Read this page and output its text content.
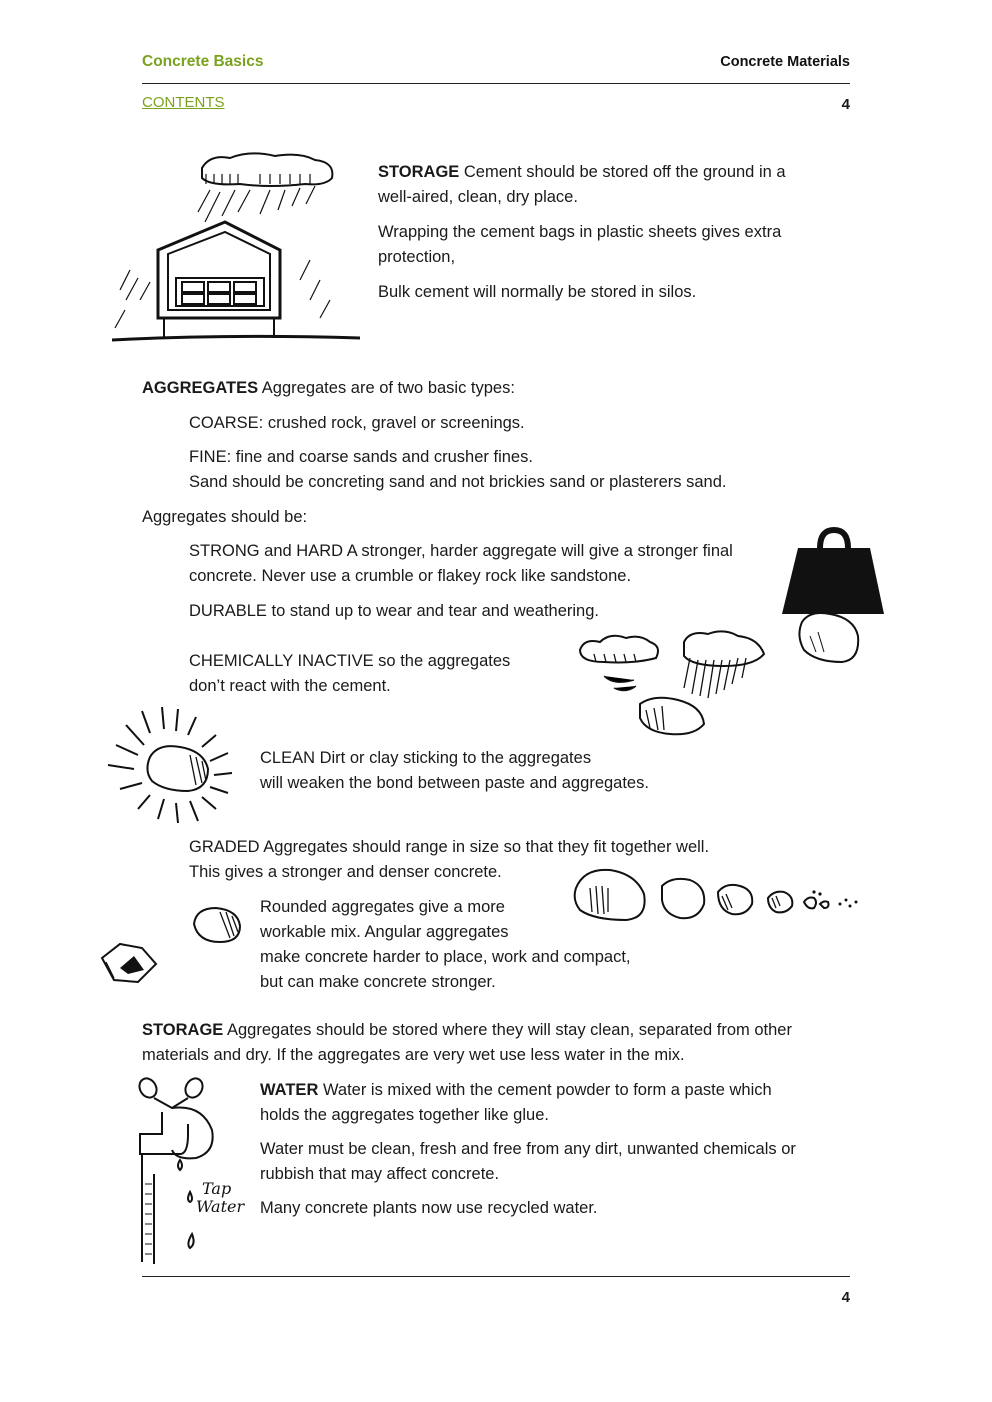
Concrete Basics	Concrete Materials
CONTENTS	4

STORAGE Cement should be stored off the ground in a
well-aired, clean, dry place.

Wrapping the cement bags in plastic sheets gives extra
protection,

Bulk cement will normally be stored in silos.

AGGREGATES Aggregates are of two basic types:

COARSE: crushed rock, gravel or screenings.

FINE: fine and coarse sands and crusher fines.
Sand should be concreting sand and not brickies sand or plasterers sand.

Aggregates should be:

STRONG and HARD A stronger, harder aggregate will give a stronger final
concrete. Never use a crumble or flakey rock like sandstone.

DURABLE to stand up to wear and tear and weathering.

CHEMICALLY INACTIVE so the aggregates
don’t react with the cement.

CLEAN Dirt or clay sticking to the aggregates
will weaken the bond between paste and aggregates.

GRADED Aggregates should range in size so that they fit together well.
This gives a stronger and denser concrete.

Rounded aggregates give a more
workable mix. Angular aggregates
make concrete harder to place, work and compact,
but can make concrete stronger.

STORAGE Aggregates should be stored where they will stay clean, separated from other
materials and dry. If the aggregates are very wet use less water in the mix.

Tap
Water

WATER Water is mixed with the cement powder to form a paste which
holds the aggregates together like glue.

Water must be clean, fresh and free from any dirt, unwanted chemicals or
rubbish that may affect concrete.

Many concrete plants now use recycled water.

4
